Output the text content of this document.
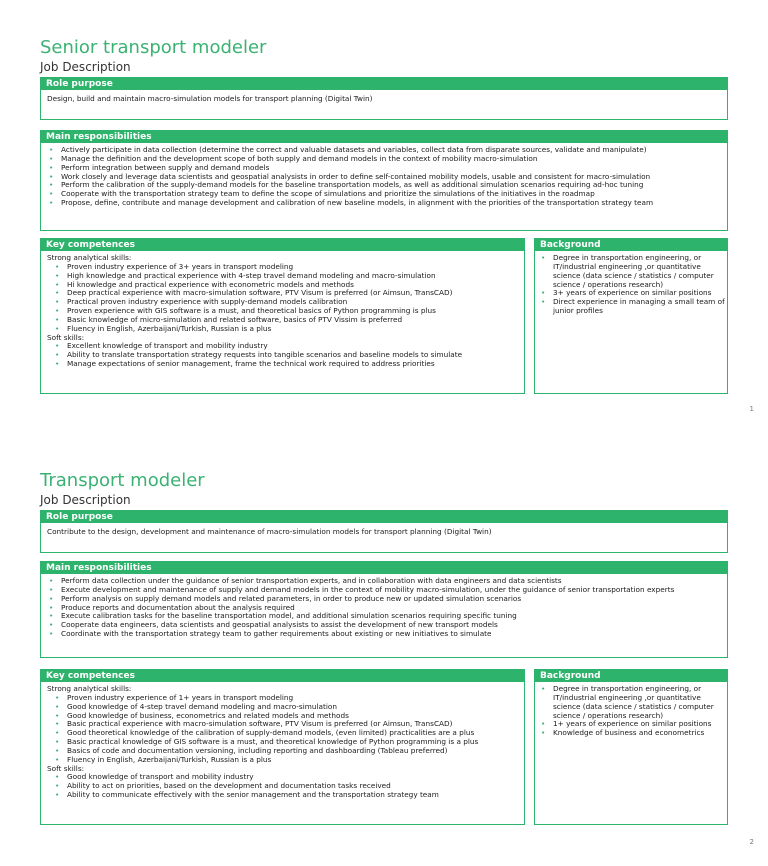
Senior transport modeler
Job Description
Role purpose
Design, build and maintain macro-simulation models for transport planning (Digital Twin)
Main responsibilities
• Actively participate in data collection (determine the correct and valuable datasets and variables, collect data from disparate sources, validate and manipulate)
• Manage the definition and the development scope of both supply and demand models in the context of mobility macro-simulation
• Perform integration between supply and demand models
• Work closely and leverage data scientists and geospatial analysists in order to define self-contained mobility models, usable and consistent for macro-simulation
• Perform the calibration of the supply-demand models for the baseline transportation models, as well as additional simulation scenarios requiring ad-hoc tuning
• Cooperate with the transportation strategy team to define the scope of simulations and prioritize the simulations of the initiatives in the roadmap
• Propose, define, contribute and manage development and calibration of new baseline models, in alignment with the priorities of the transportation strategy team
Key competences
Strong analytical skills:
• Proven industry experience of 3+ years in transport modeling
• High knowledge and practical experience with 4-step travel demand modeling and macro-simulation
• Hi knowledge and practical experience with econometric models and methods
• Deep practical experience with macro-simulation software, PTV Visum is preferred (or Aimsun, TransCAD)
• Practical proven industry experience with supply-demand models calibration
• Proven experience with GIS software is a must, and theoretical basics of Python programming is plus
• Basic knowledge of micro-simulation and related software, basics of PTV Vissim is preferred
• Fluency in English, Azerbaijani/Turkish, Russian is a plus
Soft skills:
• Excellent knowledge of transport and mobility industry
• Ability to translate transportation strategy requests into tangible scenarios and baseline models to simulate
• Manage expectations of senior management, frame the technical work required to address priorities
Background
• Degree in transportation engineering, or IT/industrial engineering ,or quantitative science (data science / statistics / computer science / operations research)
• 3+ years of experience on similar positions
• Direct experience in managing a small team of junior profiles
1
Transport modeler
Job Description
Role purpose
Contribute to the design, development and maintenance of macro-simulation models for transport planning (Digital Twin)
Main responsibilities
• Perform data collection under the guidance of senior transportation experts, and in collaboration with data engineers and data scientists
• Execute development and maintenance of supply and demand models in the context of mobility macro-simulation, under the guidance of senior transportation experts
• Perform analysis on supply demand models and related parameters, in order to produce new or updated simulation scenarios
• Produce reports and documentation about the analysis required
• Execute calibration tasks for the baseline transportation model, and additional simulation scenarios requiring specific tuning
• Cooperate data engineers, data scientists and geospatial analysists to assist the development of new transport models
• Coordinate with the transportation strategy team to gather requirements about existing or new initiatives to simulate
Key competences
Strong analytical skills:
• Proven industry experience of 1+ years in transport modeling
• Good knowledge of 4-step travel demand modeling and macro-simulation
• Good knowledge of business, econometrics and related models and methods
• Basic practical experience with macro-simulation software, PTV Visum is preferred (or Aimsun, TransCAD)
• Good theoretical knowledge of the calibration of supply-demand models, (even limited) practicalities are a plus
• Basic practical knowledge of GIS software is a must, and theoretical knowledge of Python programming is a plus
• Basics of code and documentation versioning, including reporting and dashboarding (Tableau preferred)
• Fluency in English, Azerbaijani/Turkish, Russian is a plus
Soft skills:
• Good knowledge of transport and mobility industry
• Ability to act on priorities, based on the development and documentation tasks received
• Ability to communicate effectively with the senior management and the transportation strategy team
Background
• Degree in transportation engineering, or IT/industrial engineering ,or quantitative science (data science / statistics / computer science / operations research)
• 1+ years of experience on similar positions
• Knowledge of business and econometrics
2
